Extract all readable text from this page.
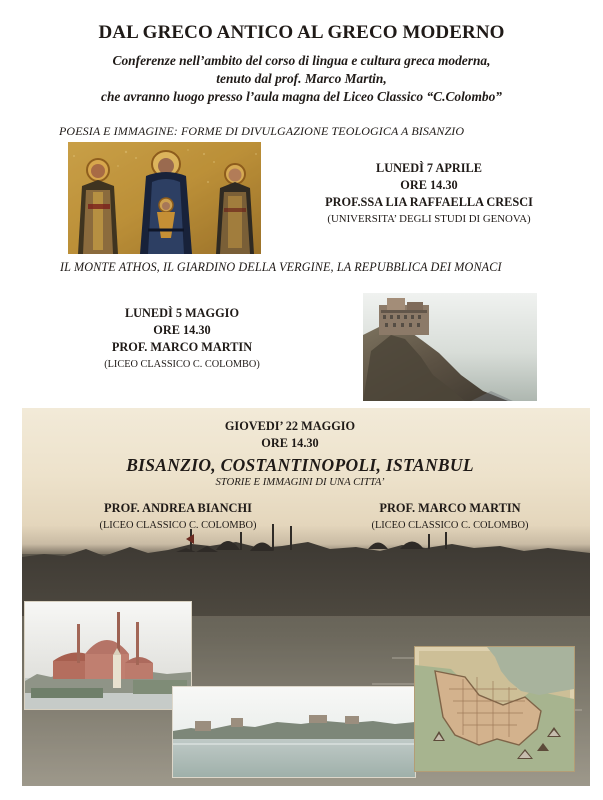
DAL GRECO ANTICO AL GRECO MODERNO
Conferenze nell’ambito del corso di lingua e cultura greca moderna,
tenuto dal prof. Marco Martin,
che avranno luogo presso l’aula magna del Liceo Classico “C.Colombo”
POESIA E IMMAGINE: FORME DI DIVULGAZIONE TEOLOGICA A BISANZIO
LUNEDÌ 7 APRILE
ORE 14.30
PROF.SSA LIA RAFFAELLA CRESCI
(UNIVERSITA’ DEGLI STUDI DI GENOVA)
IL MONTE ATHOS, IL GIARDINO DELLA VERGINE, LA REPUBBLICA DEI MONACI
LUNEDÌ 5 MAGGIO
ORE 14.30
PROF. MARCO MARTIN
(LICEO CLASSICO C. COLOMBO)
GIOVEDI’ 22 MAGGIO
ORE 14.30
BISANZIO, COSTANTINOPOLI, ISTANBUL
STORIE E IMMAGINI DI UNA CITTA’
PROF. ANDREA BIANCHI
(LICEO CLASSICO C. COLOMBO)
PROF. MARCO MARTIN
(LICEO CLASSICO C. COLOMBO)
